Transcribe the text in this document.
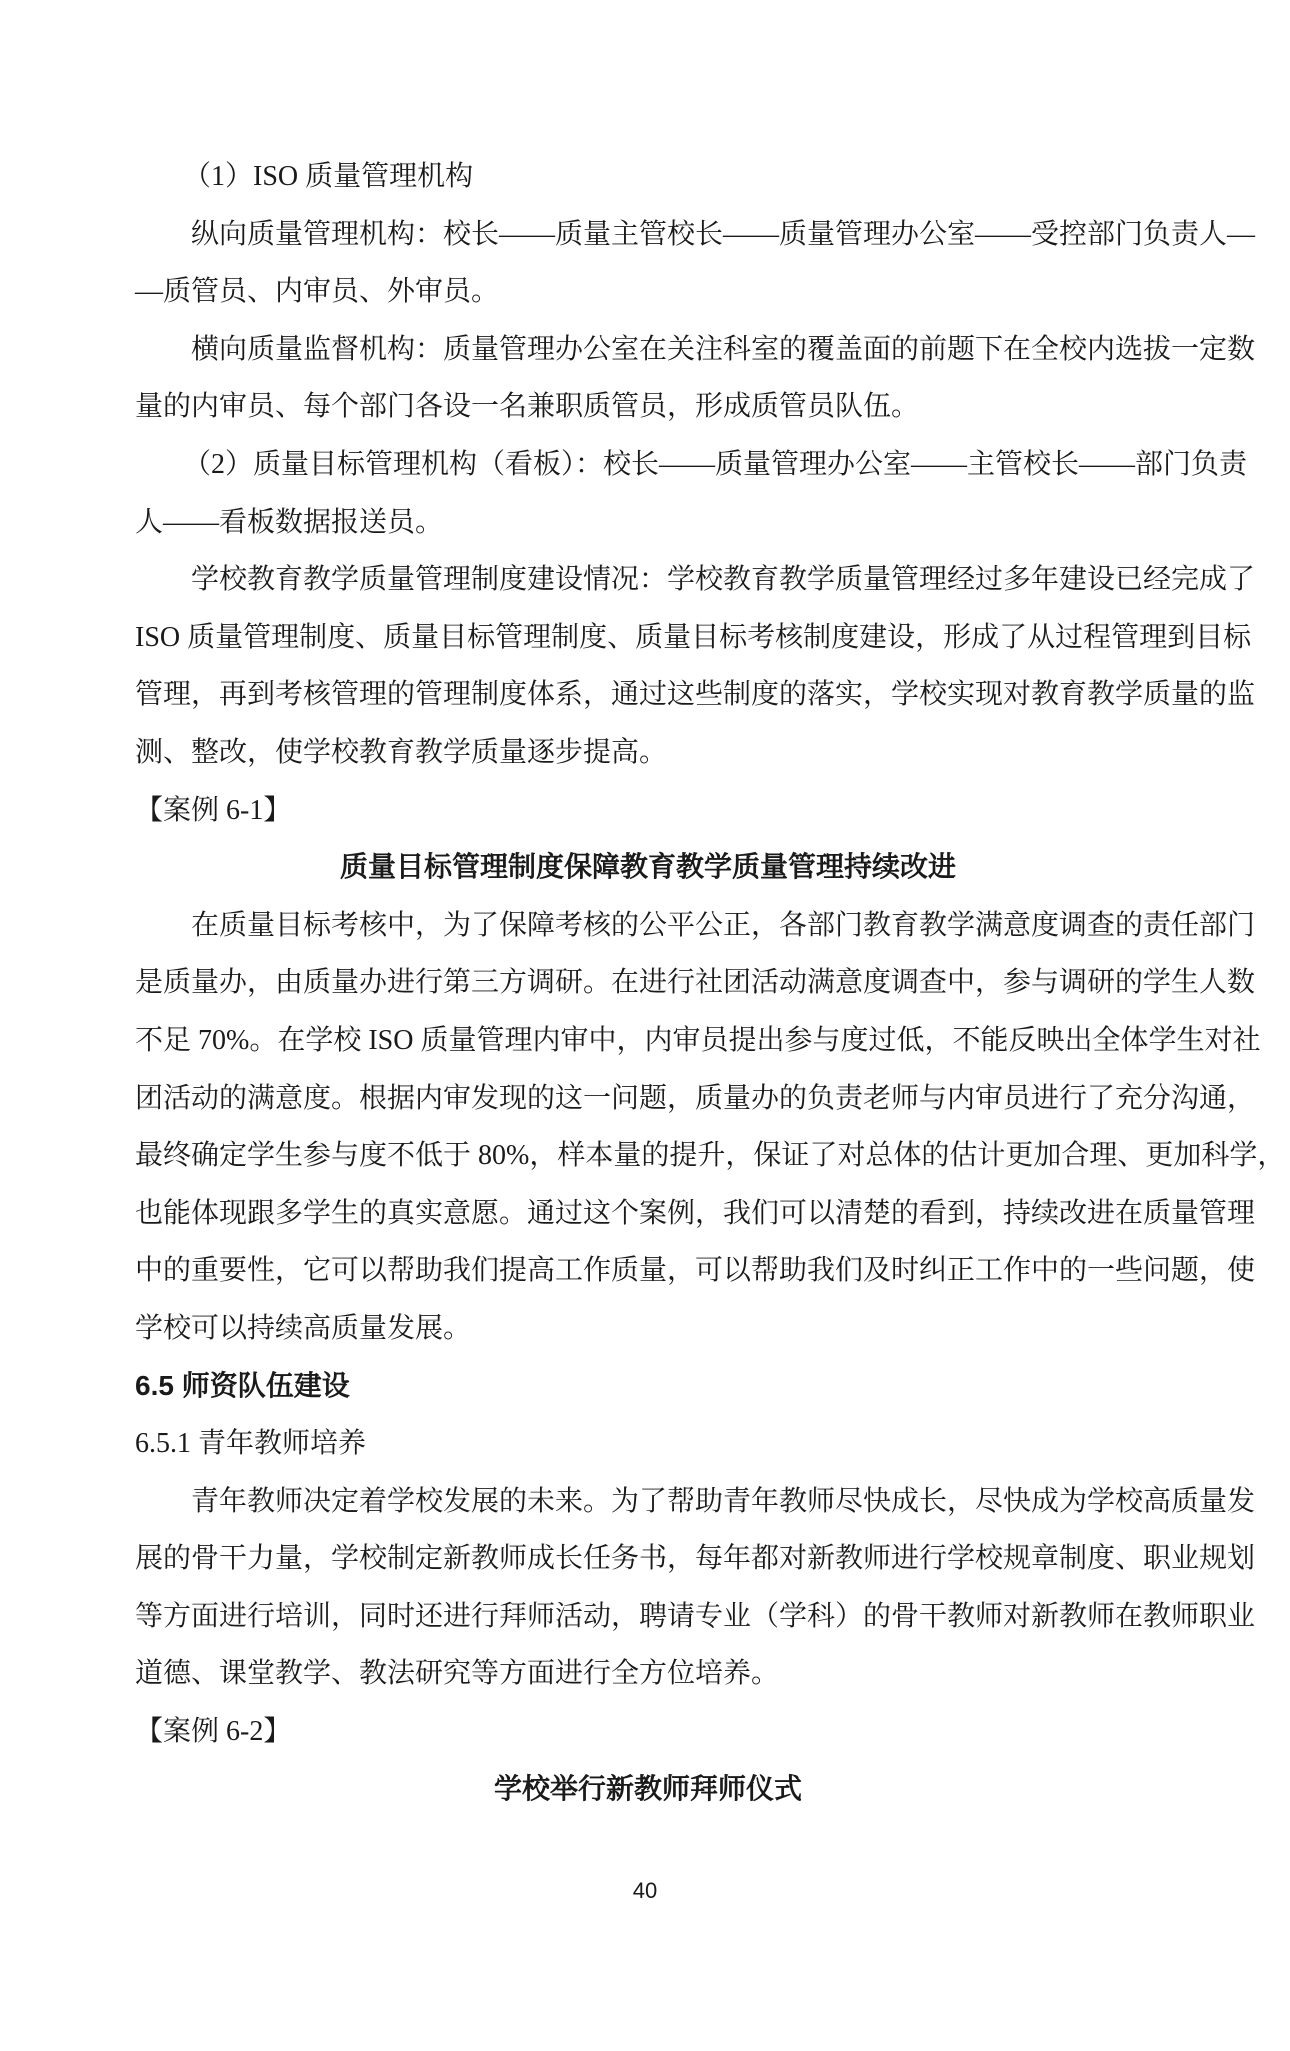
（1）ISO 质量管理机构
纵向质量管理机构：校长——质量主管校长——质量管理办公室——受控部门负责人—
—质管员、内审员、外审员。
横向质量监督机构：质量管理办公室在关注科室的覆盖面的前题下在全校内选拔一定数
量的内审员、每个部门各设一名兼职质管员，形成质管员队伍。
（2）质量目标管理机构（看板）：校长——质量管理办公室——主管校长——部门负责
人——看板数据报送员。
学校教育教学质量管理制度建设情况：学校教育教学质量管理经过多年建设已经完成了
ISO 质量管理制度、质量目标管理制度、质量目标考核制度建设，形成了从过程管理到目标
管理，再到考核管理的管理制度体系，通过这些制度的落实，学校实现对教育教学质量的监
测、整改，使学校教育教学质量逐步提高。
【案例 6-1】
质量目标管理制度保障教育教学质量管理持续改进
在质量目标考核中，为了保障考核的公平公正，各部门教育教学满意度调查的责任部门
是质量办，由质量办进行第三方调研。在进行社团活动满意度调查中，参与调研的学生人数
不足 70%。在学校 ISO 质量管理内审中，内审员提出参与度过低，不能反映出全体学生对社
团活动的满意度。根据内审发现的这一问题，质量办的负责老师与内审员进行了充分沟通，
最终确定学生参与度不低于 80%，样本量的提升，保证了对总体的估计更加合理、更加科学，
也能体现跟多学生的真实意愿。通过这个案例，我们可以清楚的看到，持续改进在质量管理
中的重要性，它可以帮助我们提高工作质量，可以帮助我们及时纠正工作中的一些问题，使
学校可以持续高质量发展。
6.5 师资队伍建设
6.5.1 青年教师培养
青年教师决定着学校发展的未来。为了帮助青年教师尽快成长，尽快成为学校高质量发
展的骨干力量，学校制定新教师成长任务书，每年都对新教师进行学校规章制度、职业规划
等方面进行培训，同时还进行拜师活动，聘请专业（学科）的骨干教师对新教师在教师职业
道德、课堂教学、教法研究等方面进行全方位培养。
【案例 6-2】
学校举行新教师拜师仪式
40
